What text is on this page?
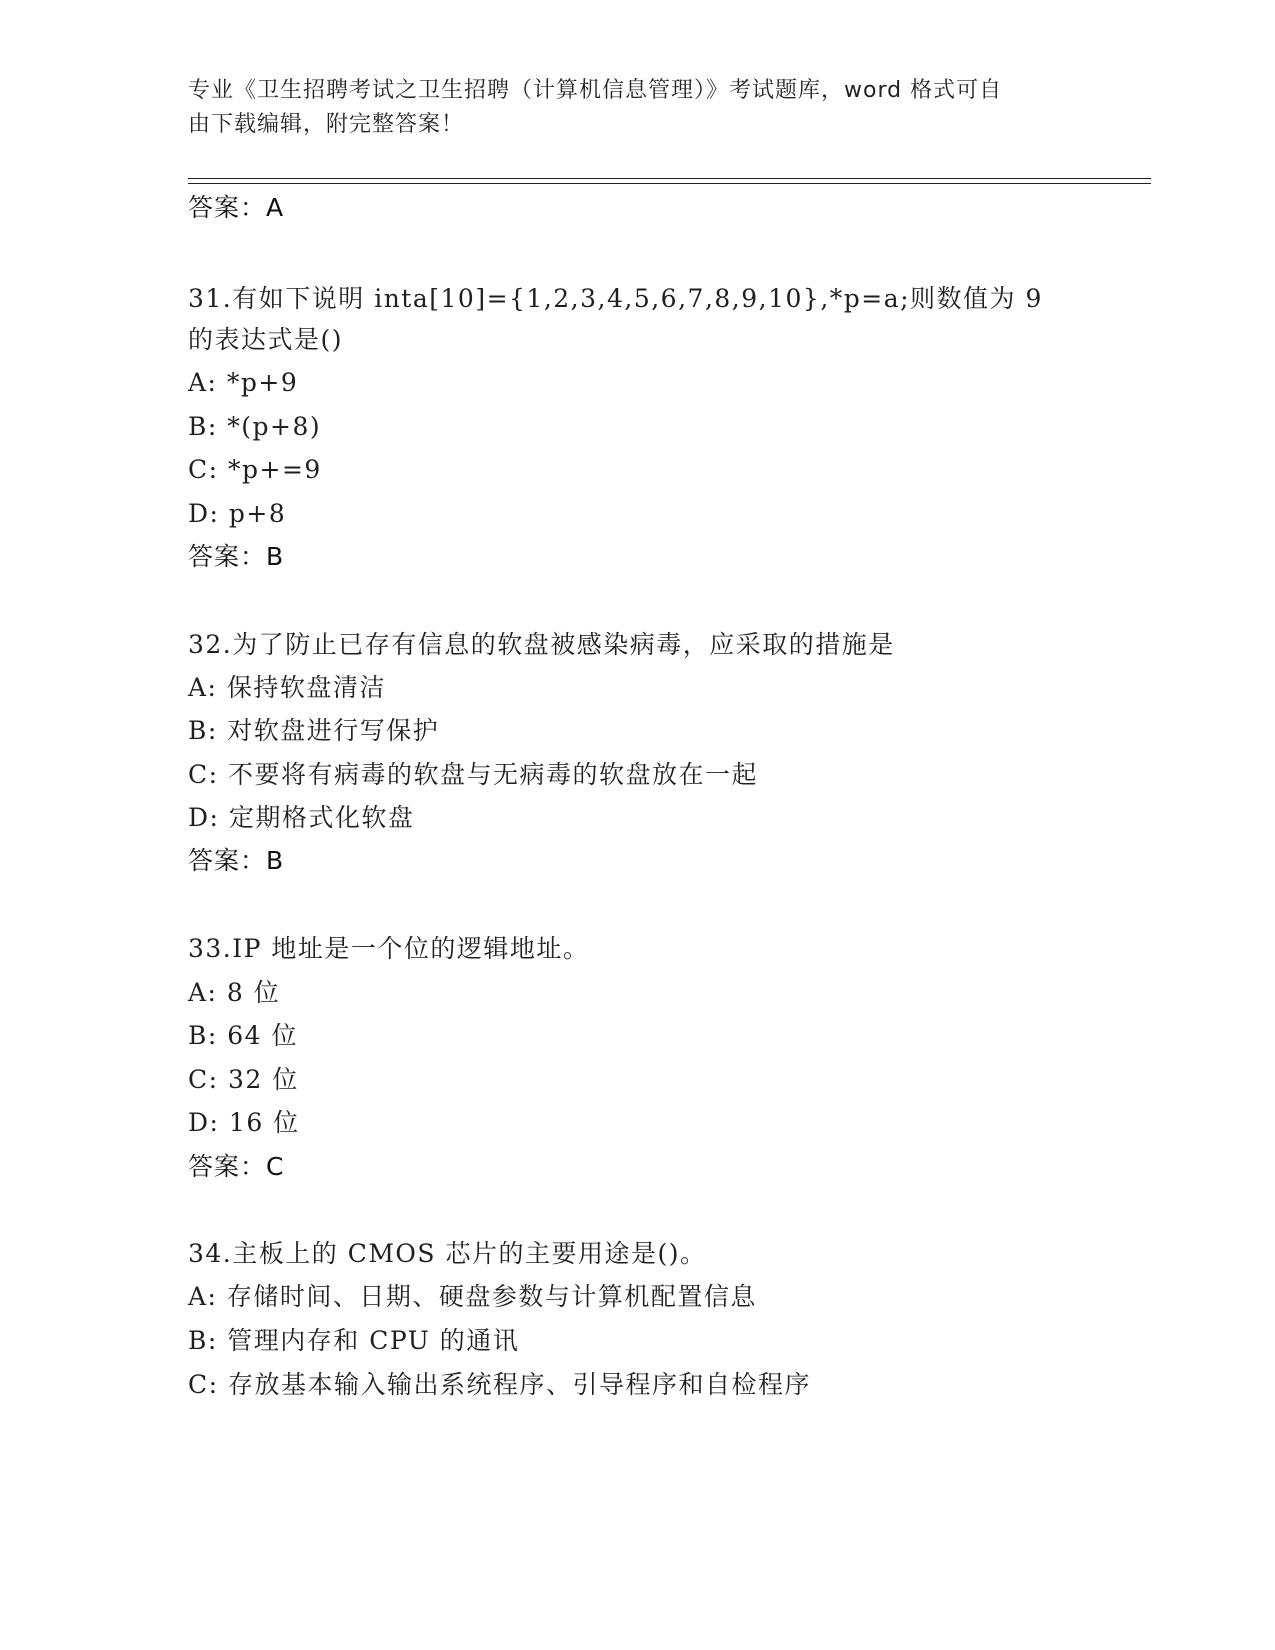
专业《卫生招聘考试之卫生招聘（计算机信息管理）》考试题库，word 格式可自
由下载编辑，附完整答案！
答案：A
31.有如下说明 inta[10]={1,2,3,4,5,6,7,8,9,10},*p=a;则数值为 9
的表达式是()
A: *p+9
B: *(p+8)
C: *p+=9
D: p+8
答案：B
32.为了防止已存有信息的软盘被感染病毒，应采取的措施是
A: 保持软盘清洁
B: 对软盘进行写保护
C: 不要将有病毒的软盘与无病毒的软盘放在一起
D: 定期格式化软盘
答案：B
33.IP 地址是一个位的逻辑地址。
A: 8 位
B: 64 位
C: 32 位
D: 16 位
答案：C
34.主板上的 CMOS 芯片的主要用途是()。
A: 存储时间、日期、硬盘参数与计算机配置信息
B: 管理内存和 CPU 的通讯
C: 存放基本输入输出系统程序、引导程序和自检程序
